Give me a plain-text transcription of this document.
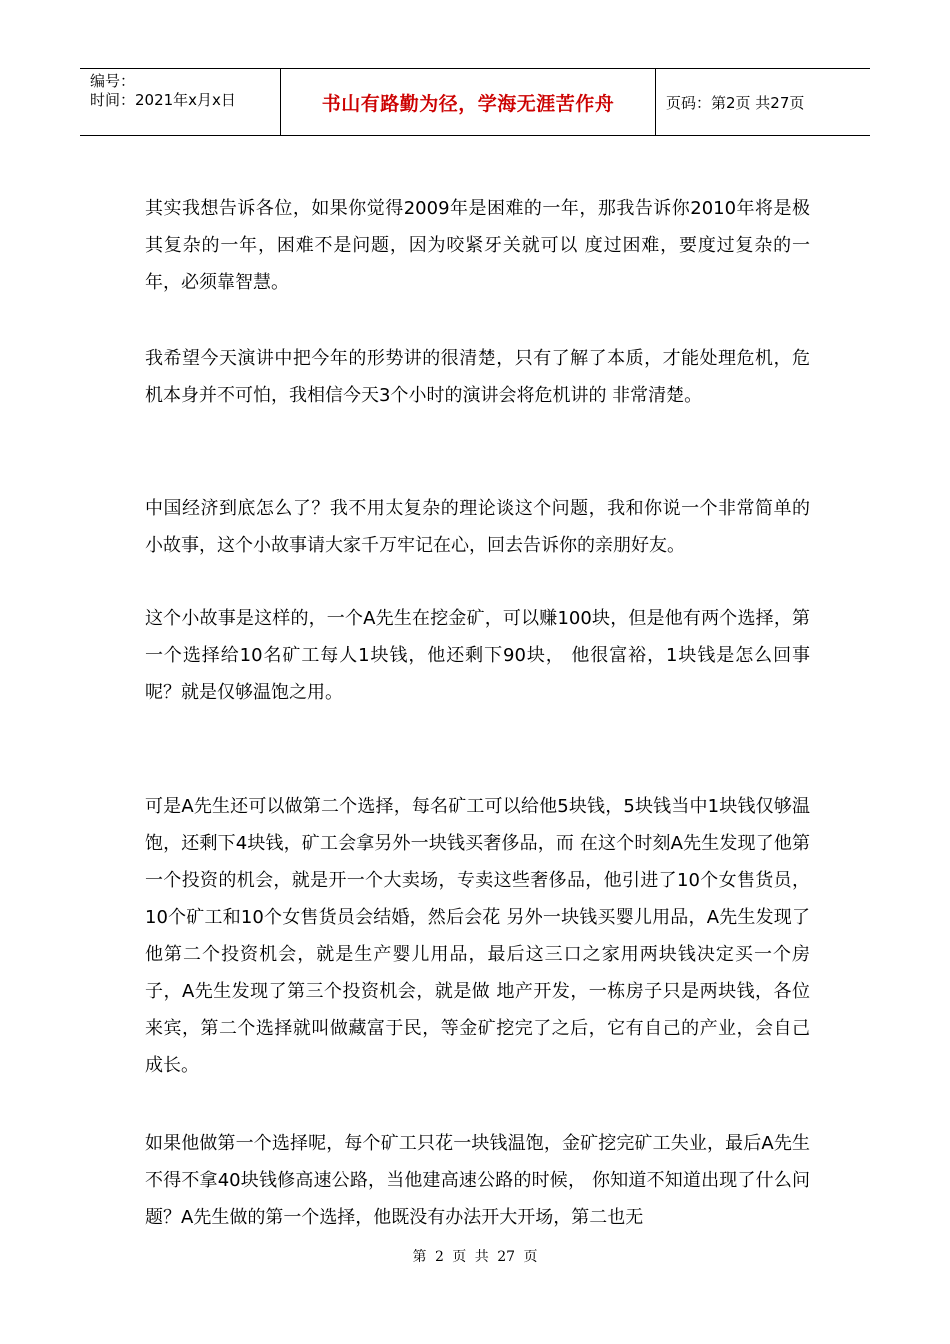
编号：
时间：2021年x月x日	书山有路勤为径，学海无涯苦作舟	页码：第2页 共27页

其实我想告诉各位，如果你觉得2009年是困难的一年，那我告诉你2010年将是极其复杂的一年，困难不是问题，因为咬紧牙关就可以 度过困难，要度过复杂的一年，必须靠智慧。

我希望今天演讲中把今年的形势讲的很清楚，只有了解了本质，才能处理危机，危机本身并不可怕，我相信今天3个小时的演讲会将危机讲的 非常清楚。

中国经济到底怎么了？我不用太复杂的理论谈这个问题，我和你说一个非常简单的小故事，这个小故事请大家千万牢记在心，回去告诉你的亲朋好友。

这个小故事是这样的，一个A先生在挖金矿，可以赚100块，但是他有两个选择，第一个选择给10名矿工每人1块钱，他还剩下90块， 他很富裕，1块钱是怎么回事呢？就是仅够温饱之用。

可是A先生还可以做第二个选择，每名矿工可以给他5块钱，5块钱当中1块钱仅够温饱，还剩下4块钱，矿工会拿另外一块钱买奢侈品，而 在这个时刻A先生发现了他第一个投资的机会，就是开一个大卖场，专卖这些奢侈品，他引进了10个女售货员，10个矿工和10个女售货员会结婚，然后会花 另外一块钱买婴儿用品，A先生发现了他第二个投资机会，就是生产婴儿用品，最后这三口之家用两块钱决定买一个房子，A先生发现了第三个投资机会，就是做 地产开发，一栋房子只是两块钱，各位来宾，第二个选择就叫做藏富于民，等金矿挖完了之后，它有自己的产业，会自己成长。

如果他做第一个选择呢，每个矿工只花一块钱温饱，金矿挖完矿工失业，最后A先生不得不拿40块钱修高速公路，当他建高速公路的时候， 你知道不知道出现了什么问题？A先生做的第一个选择，他既没有办法开大开场，第二也无

第 2 页 共 27 页
